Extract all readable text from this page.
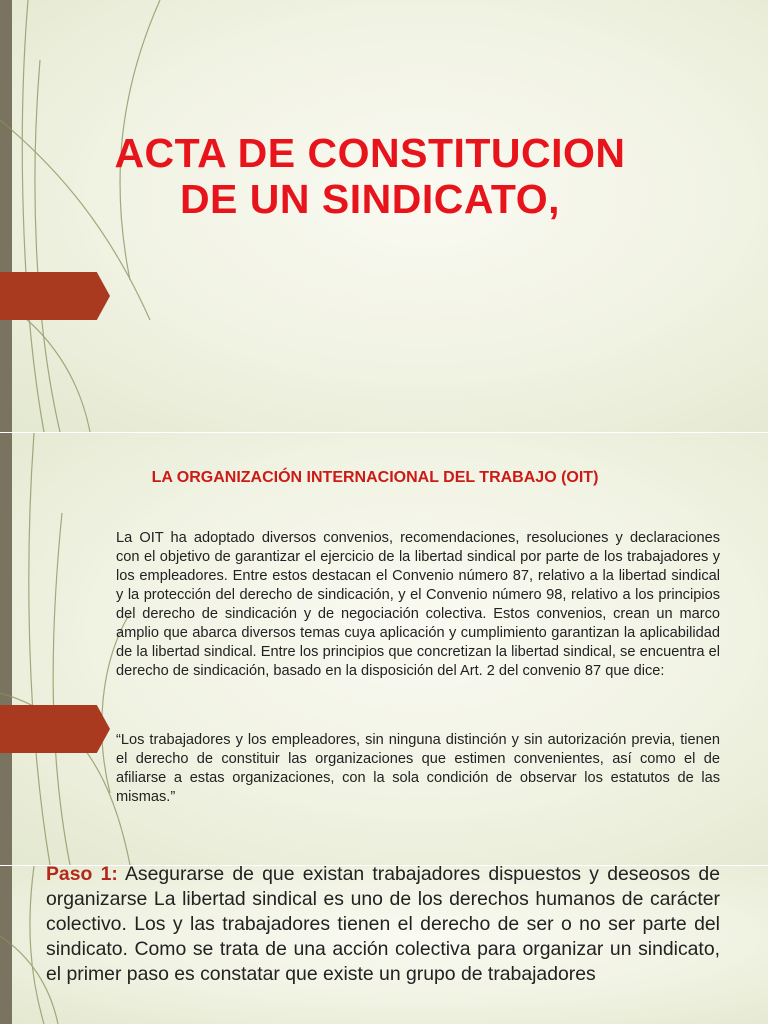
ACTA DE CONSTITUCION
DE UN SINDICATO,
LA ORGANIZACIÓN INTERNACIONAL DEL TRABAJO (OIT)

La OIT ha adoptado diversos convenios, recomendaciones, resoluciones y declaraciones con el objetivo de garantizar el ejercicio de la libertad sindical por parte de los trabajadores y los empleadores. Entre estos destacan el Convenio número 87, relativo a la libertad sindical y la protección del derecho de sindicación, y el Convenio número 98, relativo a los principios del derecho de sindicación y de negociación colectiva. Estos convenios, crean un marco amplio que abarca diversos temas cuya aplicación y cumplimiento garantizan la aplicabilidad de la libertad sindical. Entre los principios que concretizan la libertad sindical, se encuentra el derecho de sindicación, basado en la disposición del Art. 2 del convenio 87 que dice:

“Los trabajadores y los empleadores, sin ninguna distinción y sin autorización previa, tienen el derecho de constituir las organizaciones que estimen convenientes, así como el de afiliarse a estas organizaciones, con la sola condición de observar los estatutos de las mismas.”

Paso 1: Asegurarse de que existan trabajadores dispuestos y deseosos de organizarse La libertad sindical es uno de los derechos humanos de carácter colectivo. Los y las trabajadores tienen el derecho de ser o no ser parte del sindicato. Como se trata de una acción colectiva para organizar un sindicato, el primer paso es constatar que existe un grupo de trabajadores
